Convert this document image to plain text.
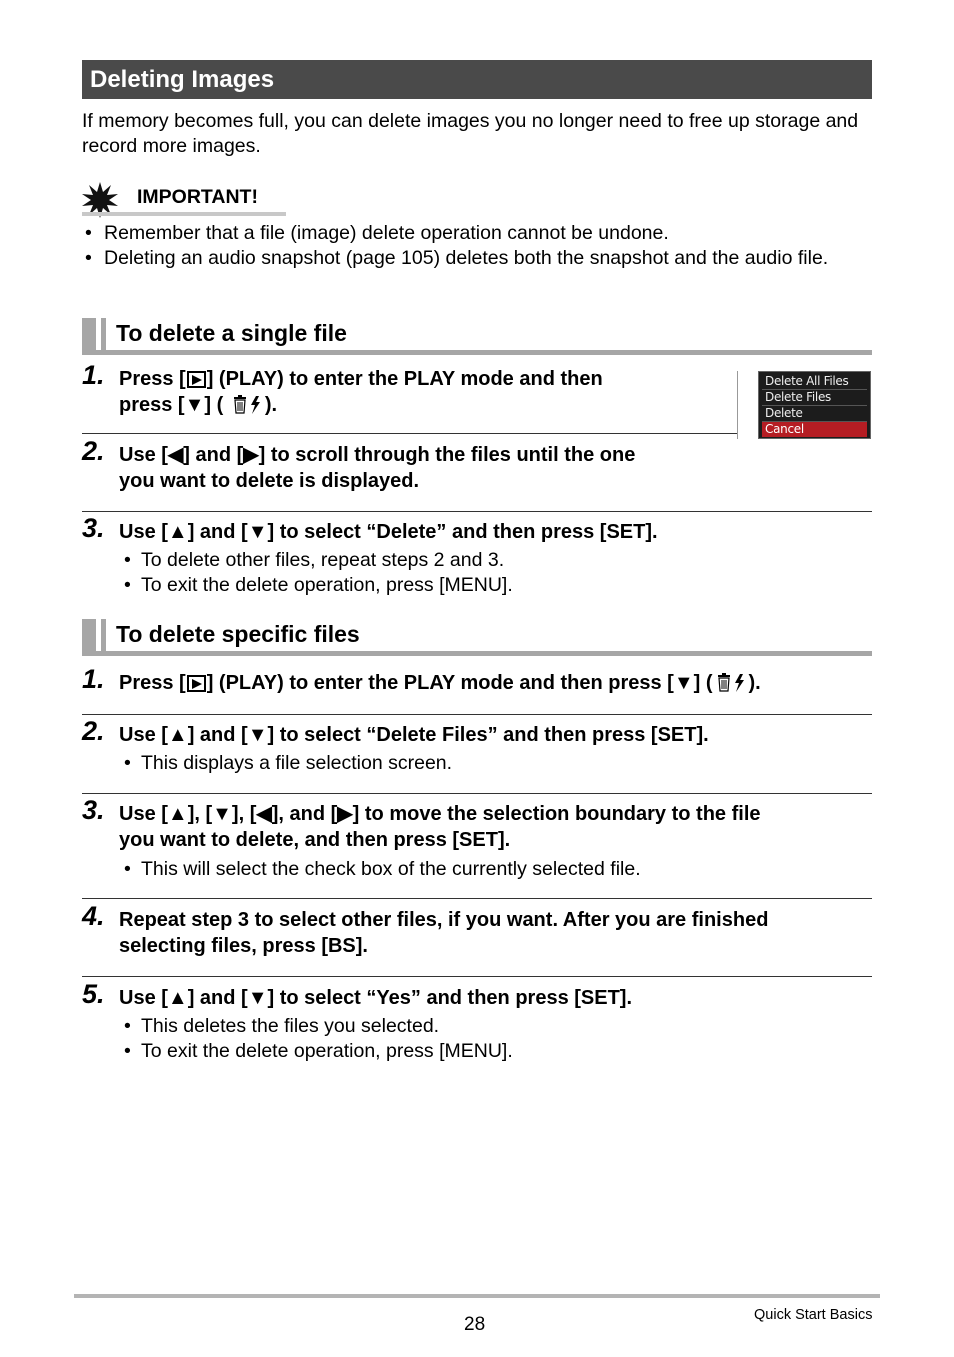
Deleting Images
If memory becomes full, you can delete images you no longer need to free up storage and record more images.
IMPORTANT!
• Remember that a file (image) delete operation cannot be undone.
• Deleting an audio snapshot (page 105) deletes both the snapshot and the audio file.
To delete a single file
1. Press [ ] (PLAY) to enter the PLAY mode and then
press [▼] ( ).
Delete All Files
Delete Files
Delete
Cancel
2. Use [◀] and [▶] to scroll through the files until the one
you want to delete is displayed.
3. Use [▲] and [▼] to select “Delete” and then press [SET].
• To delete other files, repeat steps 2 and 3.
• To exit the delete operation, press [MENU].
To delete specific files
1. Press [ ] (PLAY) to enter the PLAY mode and then press [▼] ( ).
2. Use [▲] and [▼] to select “Delete Files” and then press [SET].
• This displays a file selection screen.
3. Use [▲], [▼], [◀], and [▶] to move the selection boundary to the file
you want to delete, and then press [SET].
• This will select the check box of the currently selected file.
4. Repeat step 3 to select other files, if you want. After you are finished
selecting files, press [BS].
5. Use [▲] and [▼] to select “Yes” and then press [SET].
• This deletes the files you selected.
• To exit the delete operation, press [MENU].
28	Quick Start Basics
